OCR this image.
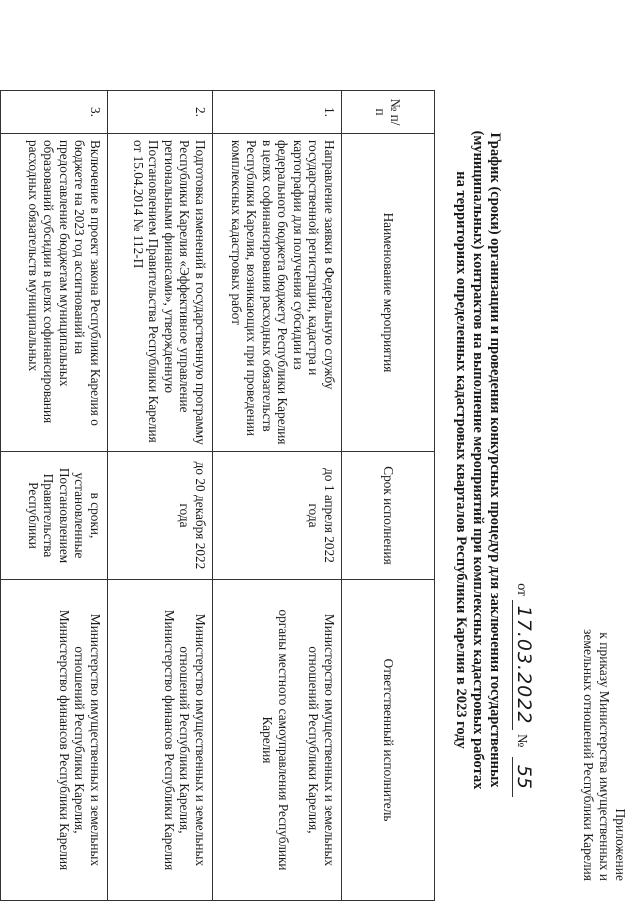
Приложение
к приказу Министерства имущественных и
земельных отношений Республики Карелия
от 17.03.2022 № 55
График (сроки) организации и проведения конкурсных процедур для заключения государственных
(муниципальных) контрактов на выполнение мероприятий при комплексных кадастровых работах
на территориях определенных кадастровых кварталов Республики Карелия в 2023 году
№ п/п	Наименование мероприятия	Срок исполнения	Ответственный исполнитель
1.	Направление заявки в Федеральную службу государственной регистрации, кадастра и картографии для получения субсидии из федерального бюджета бюджету Республики Карелия в целях софинансирования расходных обязательств Республики Карелия, возникающих при проведении комплексных кадастровых работ	до 1 апреля 2022 года	Министерство имущественных и земельных отношений Республики Карелия,

органы местного самоуправления Республики Карелия

2.	Подготовка изменений в государственную программу Республики Карелия «Эффективное управление региональными финансами», утвержденную Постановлением Правительства Республики Карелия от 15.04.2014 № 112-П	до 20 декабря 2022 года	Министерство имущественных и земельных отношений Республики Карелия,

Министерство финансов Республики Карелия

3.	Включение в проект закона Республики Карелия о бюджете на 2023 год ассигнований на предоставление бюджетам муниципальных образований субсидии в целях софинансирования расходных обязательств муниципальных	в сроки, установленные Постановлением Правительства Республики	Министерство имущественных и земельных отношений Республики Карелия,

Министерство финансов Республики Карелия
